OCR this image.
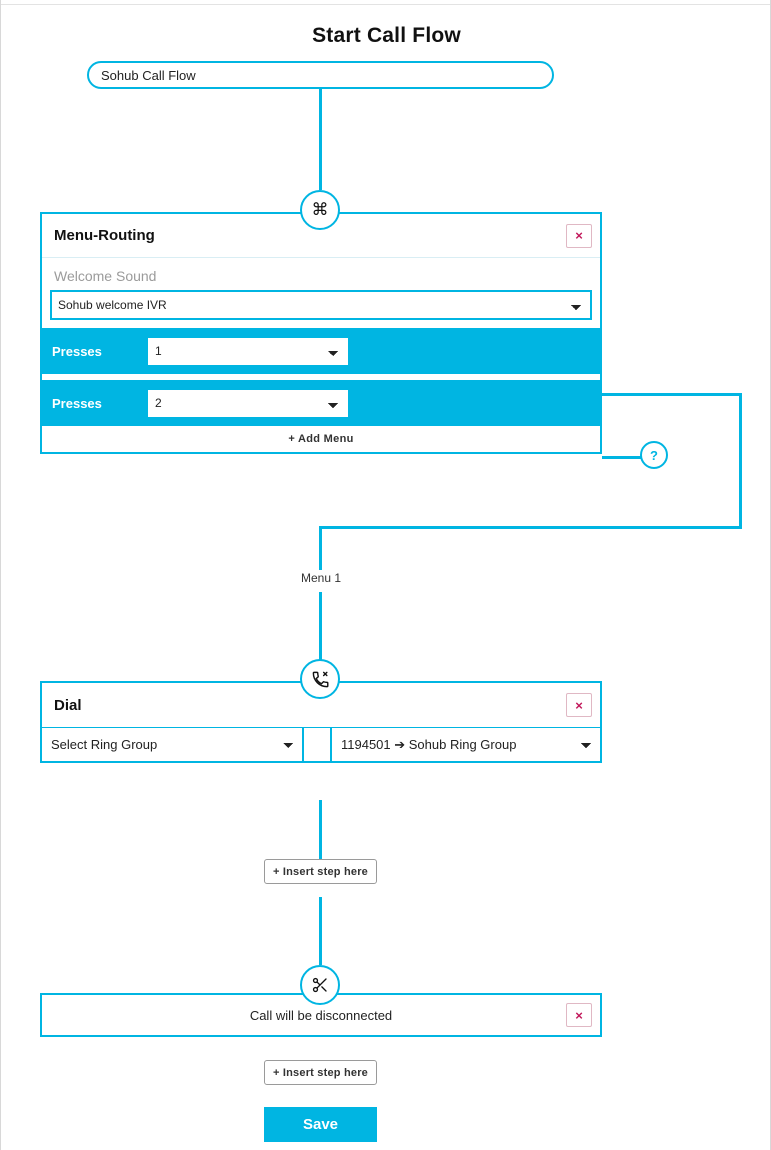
Start Call Flow
Sohub Call Flow
⌘
Menu-Routing	×
Welcome Sound
Sohub welcome IVR
Presses
1
Presses
2
+ Add Menu
?
Menu 1
Dial	×
Select Ring Group
1194501 ➔ Sohub Ring Group
+ Insert step here
Call will be disconnected	×
+ Insert step here
Save
